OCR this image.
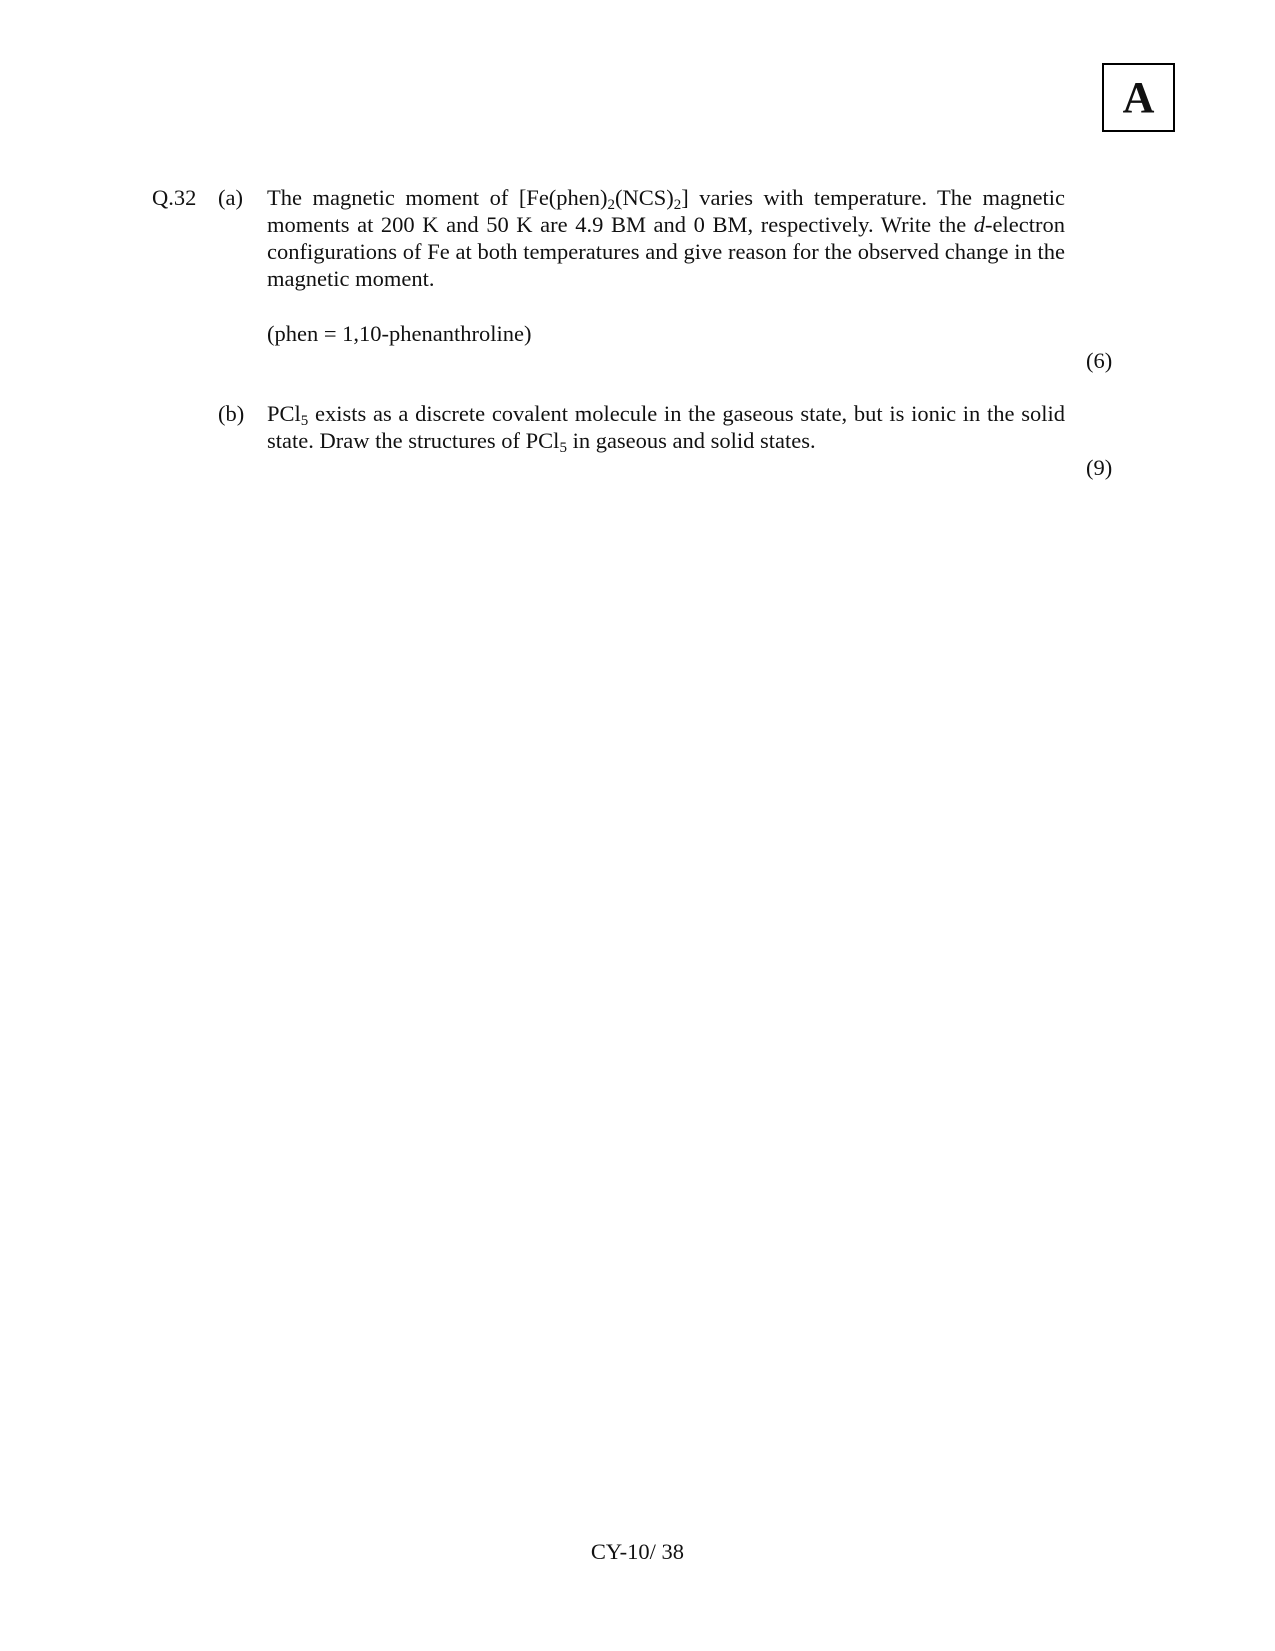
A
Q.32 (a) The magnetic moment of $[Fe(phen)_2(NCS)_2]$ varies with temperature. The magnetic moments at 200 K and 50 K are 4.9 BM and 0 BM, respectively. Write the d-electron configurations of Fe at both temperatures and give reason for the observed change in the magnetic moment.
(phen = 1,10-phenanthroline)
(6)
(b) PCl$_5$ exists as a discrete covalent molecule in the gaseous state, but is ionic in the solid state. Draw the structures of PCl$_5$ in gaseous and solid states.
(9)
CY-10/ 38
